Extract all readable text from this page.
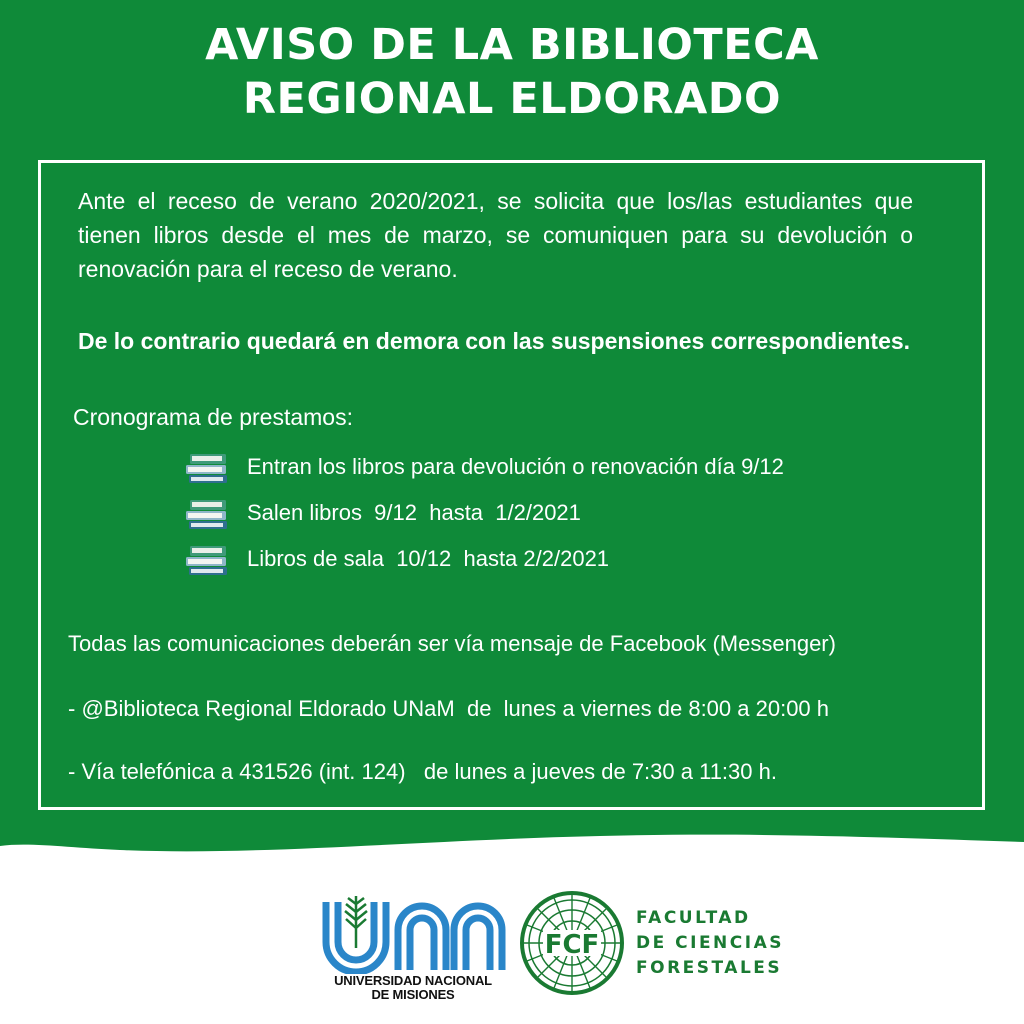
AVISO DE LA BIBLIOTECA
REGIONAL ELDORADO
Ante el receso de verano 2020/2021, se solicita que los/las estudiantes que tienen libros desde el mes de marzo, se comuniquen para su devolución o renovación para el receso de verano.
De lo contrario quedará en demora con las suspensiones correspondientes.
Cronograma de prestamos:
Entran los libros para devolución o renovación día 9/12
Salen libros  9/12  hasta  1/2/2021
Libros de sala  10/12  hasta 2/2/2021
Todas las comunicaciones deberán ser vía mensaje de Facebook (Messenger)
- @Biblioteca Regional Eldorado UNaM  de  lunes a viernes de 8:00 a 20:00 h
- Vía telefónica a 431526 (int. 124)   de lunes a jueves de 7:30 a 11:30 h.
UNIVERSIDAD NACIONAL
DE MISIONES
FCF
FACULTAD
DE CIENCIAS
FORESTALES
